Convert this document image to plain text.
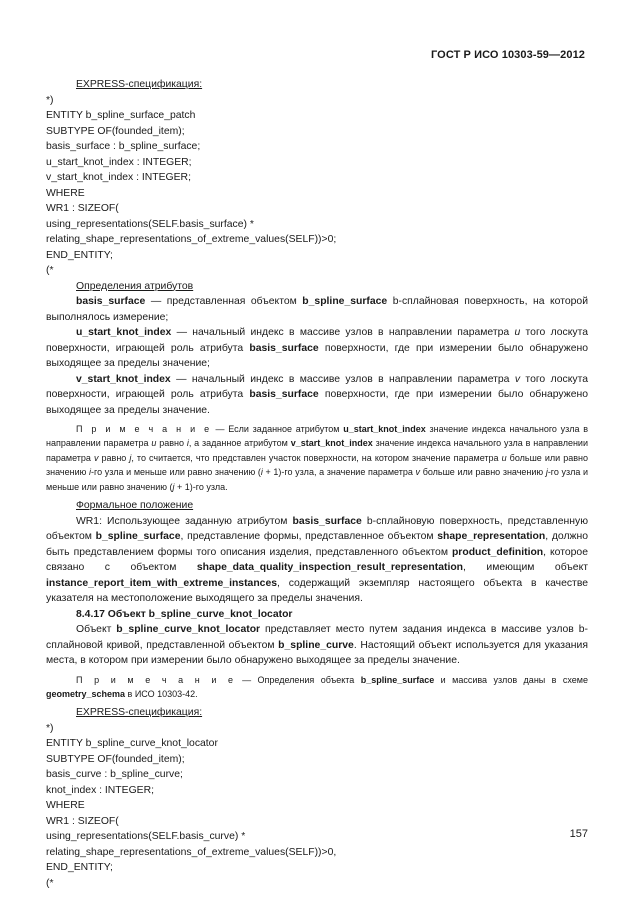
ГОСТ Р ИСО 10303-59—2012
EXPRESS-спецификация:
*)
ENTITY b_spline_surface_patch
SUBTYPE OF(founded_item);
basis_surface : b_spline_surface;
u_start_knot_index : INTEGER;
v_start_knot_index : INTEGER;
WHERE
WR1 : SIZEOF(
using_representations(SELF.basis_surface) *
relating_shape_representations_of_extreme_values(SELF))>0;
END_ENTITY;
(*
Определения атрибутов

basis_surface — представленная объектом b_spline_surface b-сплайновая поверхность, на которой выполнялось измерение;

u_start_knot_index — начальный индекс в массиве узлов в направлении параметра u того лоскута поверхности, играющей роль атрибута basis_surface поверхности, где при измерении было обнаружено выходящее за пределы значение;

v_start_knot_index — начальный индекс в массиве узлов в направлении параметра v того лоскута поверхности, играющей роль атрибута basis_surface поверхности, где при измерении было обнаружено выходящее за пределы значение.

П р и м е ч а н и е — Если заданное атрибутом u_start_knot_index значение индекса начального узла в направлении параметра u равно i, а заданное атрибутом v_start_knot_index значение индекса начального узла в направлении параметра v равно j, то считается, что представлен участок поверхности, на котором значение параметра u больше или равно значению i-го узла и меньше или равно значению (i + 1)-го узла, а значение параметра v больше или равно значению j-го узла и меньше или равно значению (j + 1)-го узла.

Формальное положение

WR1: Использующее заданную атрибутом basis_surface b-сплайновую поверхность, представленную объектом b_spline_surface, представление формы, представленное объектом shape_representation, должно быть представлением формы того описания изделия, представленного объектом product_definition, которое связано с объектом shape_data_quality_inspection_result_representation, имеющим объект instance_report_item_with_extreme_instances, содержащий экземпляр настоящего объекта в качестве указателя на местоположение выходящего за пределы значения.

8.4.17 Объект b_spline_curve_knot_locator

Объект b_spline_curve_knot_locator представляет место путем задания индекса в массиве узлов b-сплайновой кривой, представленной объектом b_spline_curve. Настоящий объект используется для указания места, в котором при измерении было обнаружено выходящее за пределы значение.

П р и м е ч а н и е — Определения объекта b_spline_surface и массива узлов даны в схеме geometry_schema в ИСО 10303-42.

EXPRESS-спецификация:
*)
ENTITY b_spline_curve_knot_locator
SUBTYPE OF(founded_item);
basis_curve : b_spline_curve;
knot_index : INTEGER;
WHERE
WR1 : SIZEOF(
using_representations(SELF.basis_curve) *
relating_shape_representations_of_extreme_values(SELF))>0,
END_ENTITY;
(*
157
